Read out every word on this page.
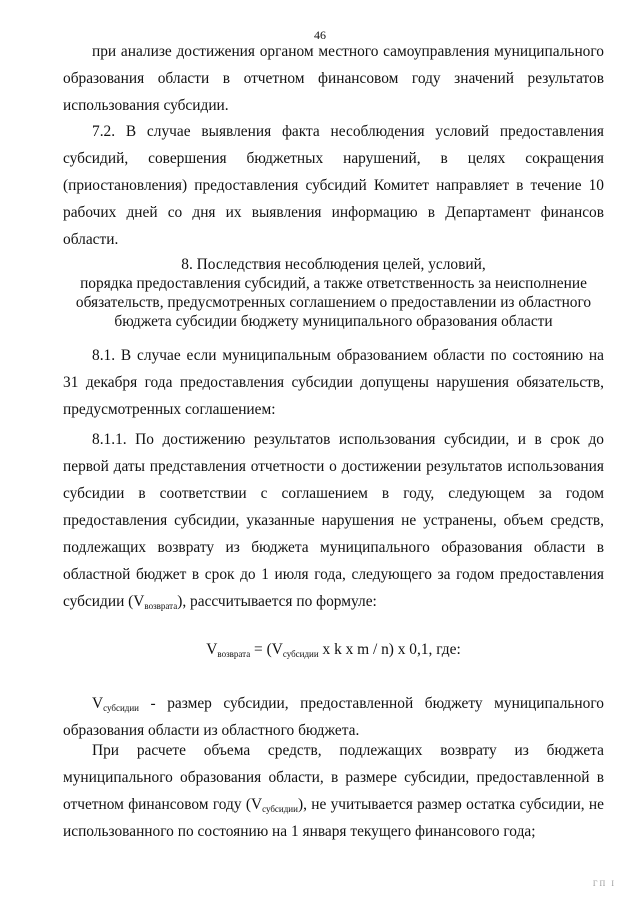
46

при анализе достижения органом местного самоуправления муниципального образования области в отчетном финансовом году значений результатов использования субсидии.

7.2. В случае выявления факта несоблюдения условий предоставления субсидий, совершения бюджетных нарушений, в целях сокращения (приостановления) предоставления субсидий Комитет направляет в течение 10 рабочих дней со дня их выявления информацию в Департамент финансов области.

8. Последствия несоблюдения целей, условий,
порядка предоставления субсидий, а также ответственность за неисполнение
обязательств, предусмотренных соглашением о предоставлении из областного
бюджета субсидии бюджету муниципального образования области

8.1. В случае если муниципальным образованием области по состоянию на 31 декабря года предоставления субсидии допущены нарушения обязательств, предусмотренных соглашением:

8.1.1. По достижению результатов использования субсидии, и в срок до первой даты представления отчетности о достижении результатов использования субсидии в соответствии с соглашением в году, следующем за годом предоставления субсидии, указанные нарушения не устранены, объем средств, подлежащих возврату из бюджета муниципального образования области в областной бюджет в срок до 1 июля года, следующего за годом предоставления субсидии $(V_{возврата})$, рассчитывается по формуле:

$V_{возврата} = (V_{субсидии}$ x k x m / n) x 0,1, где:

$V_{субсидии}$ - размер субсидии, предоставленной бюджету муниципального образования области из областного бюджета.

При расчете объема средств, подлежащих возврату из бюджета муниципального образования области, в размере субсидии, предоставленной в отчетном финансовом году $(V_{субсидии})$, не учитывается размер остатка субсидии, не использованного по состоянию на 1 января текущего финансового года;

ГП I
